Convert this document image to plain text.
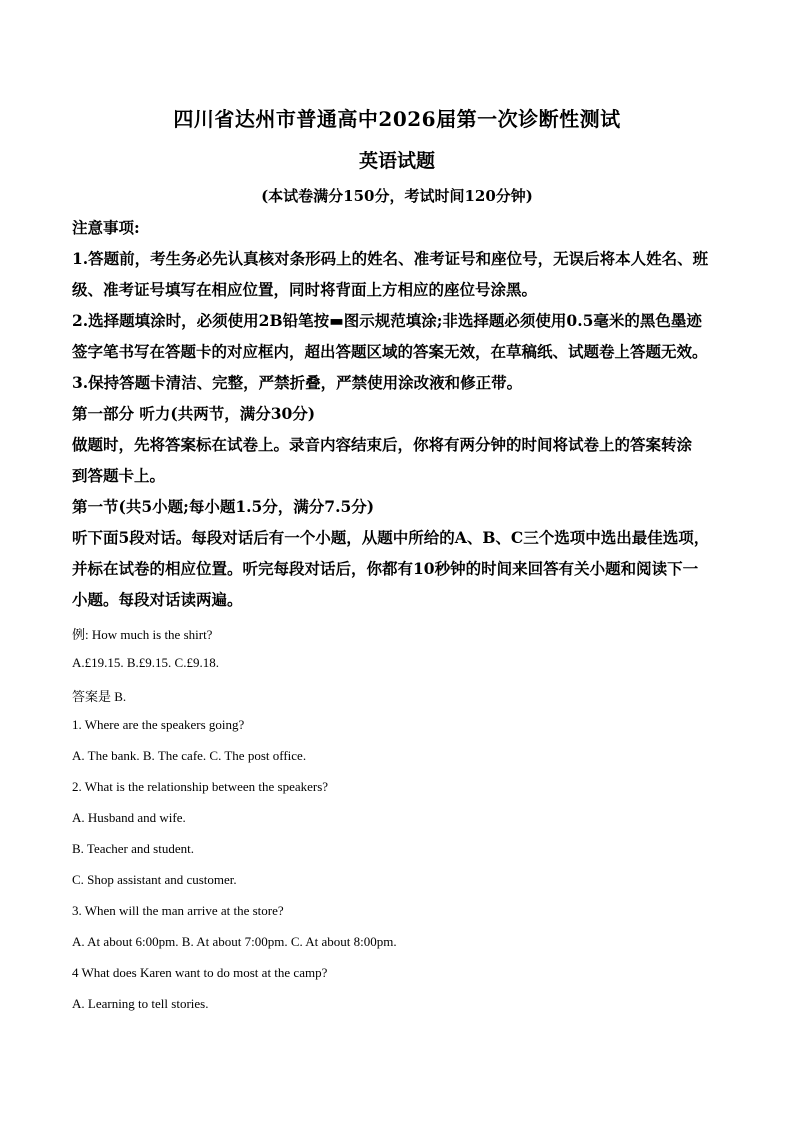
四川省达州市普通高中2026届第一次诊断性测试
英语试题
(本试卷满分150分，考试时间120分钟)
注意事项:
1.答题前，考生务必先认真核对条形码上的姓名、准考证号和座位号，无误后将本人姓名、班
级、准考证号填写在相应位置，同时将背面上方相应的座位号涂黑。
2.选择题填涂时，必须使用2B铅笔按▬图示规范填涂;非选择题必须使用0.5毫米的黑色墨迹
签字笔书写在答题卡的对应框内，超出答题区域的答案无效，在草稿纸、试题卷上答题无效。
3.保持答题卡清洁、完整，严禁折叠，严禁使用涂改液和修正带。
第一部分 听力(共两节，满分30分)
做题时，先将答案标在试卷上。录音内容结束后，你将有两分钟的时间将试卷上的答案转涂
到答题卡上。
第一节(共5小题;每小题1.5分，满分7.5分)
听下面5段对话。每段对话后有一个小题，从题中所给的A、B、C三个选项中选出最佳选项，
并标在试卷的相应位置。听完每段对话后，你都有10秒钟的时间来回答有关小题和阅读下一
小题。每段对话读两遍。
例: How much is the shirt?
A.£19.15. B.£9.15. C.£9.18.
答案是 B.
1. Where are the speakers going?
A. The bank. B. The cafe. C. The post office.
2. What is the relationship between the speakers?
A. Husband and wife.
B. Teacher and student.
C. Shop assistant and customer.
3. When will the man arrive at the store?
A. At about 6:00pm. B. At about 7:00pm. C. At about 8:00pm.
4 What does Karen want to do most at the camp?
A. Learning to tell stories.
